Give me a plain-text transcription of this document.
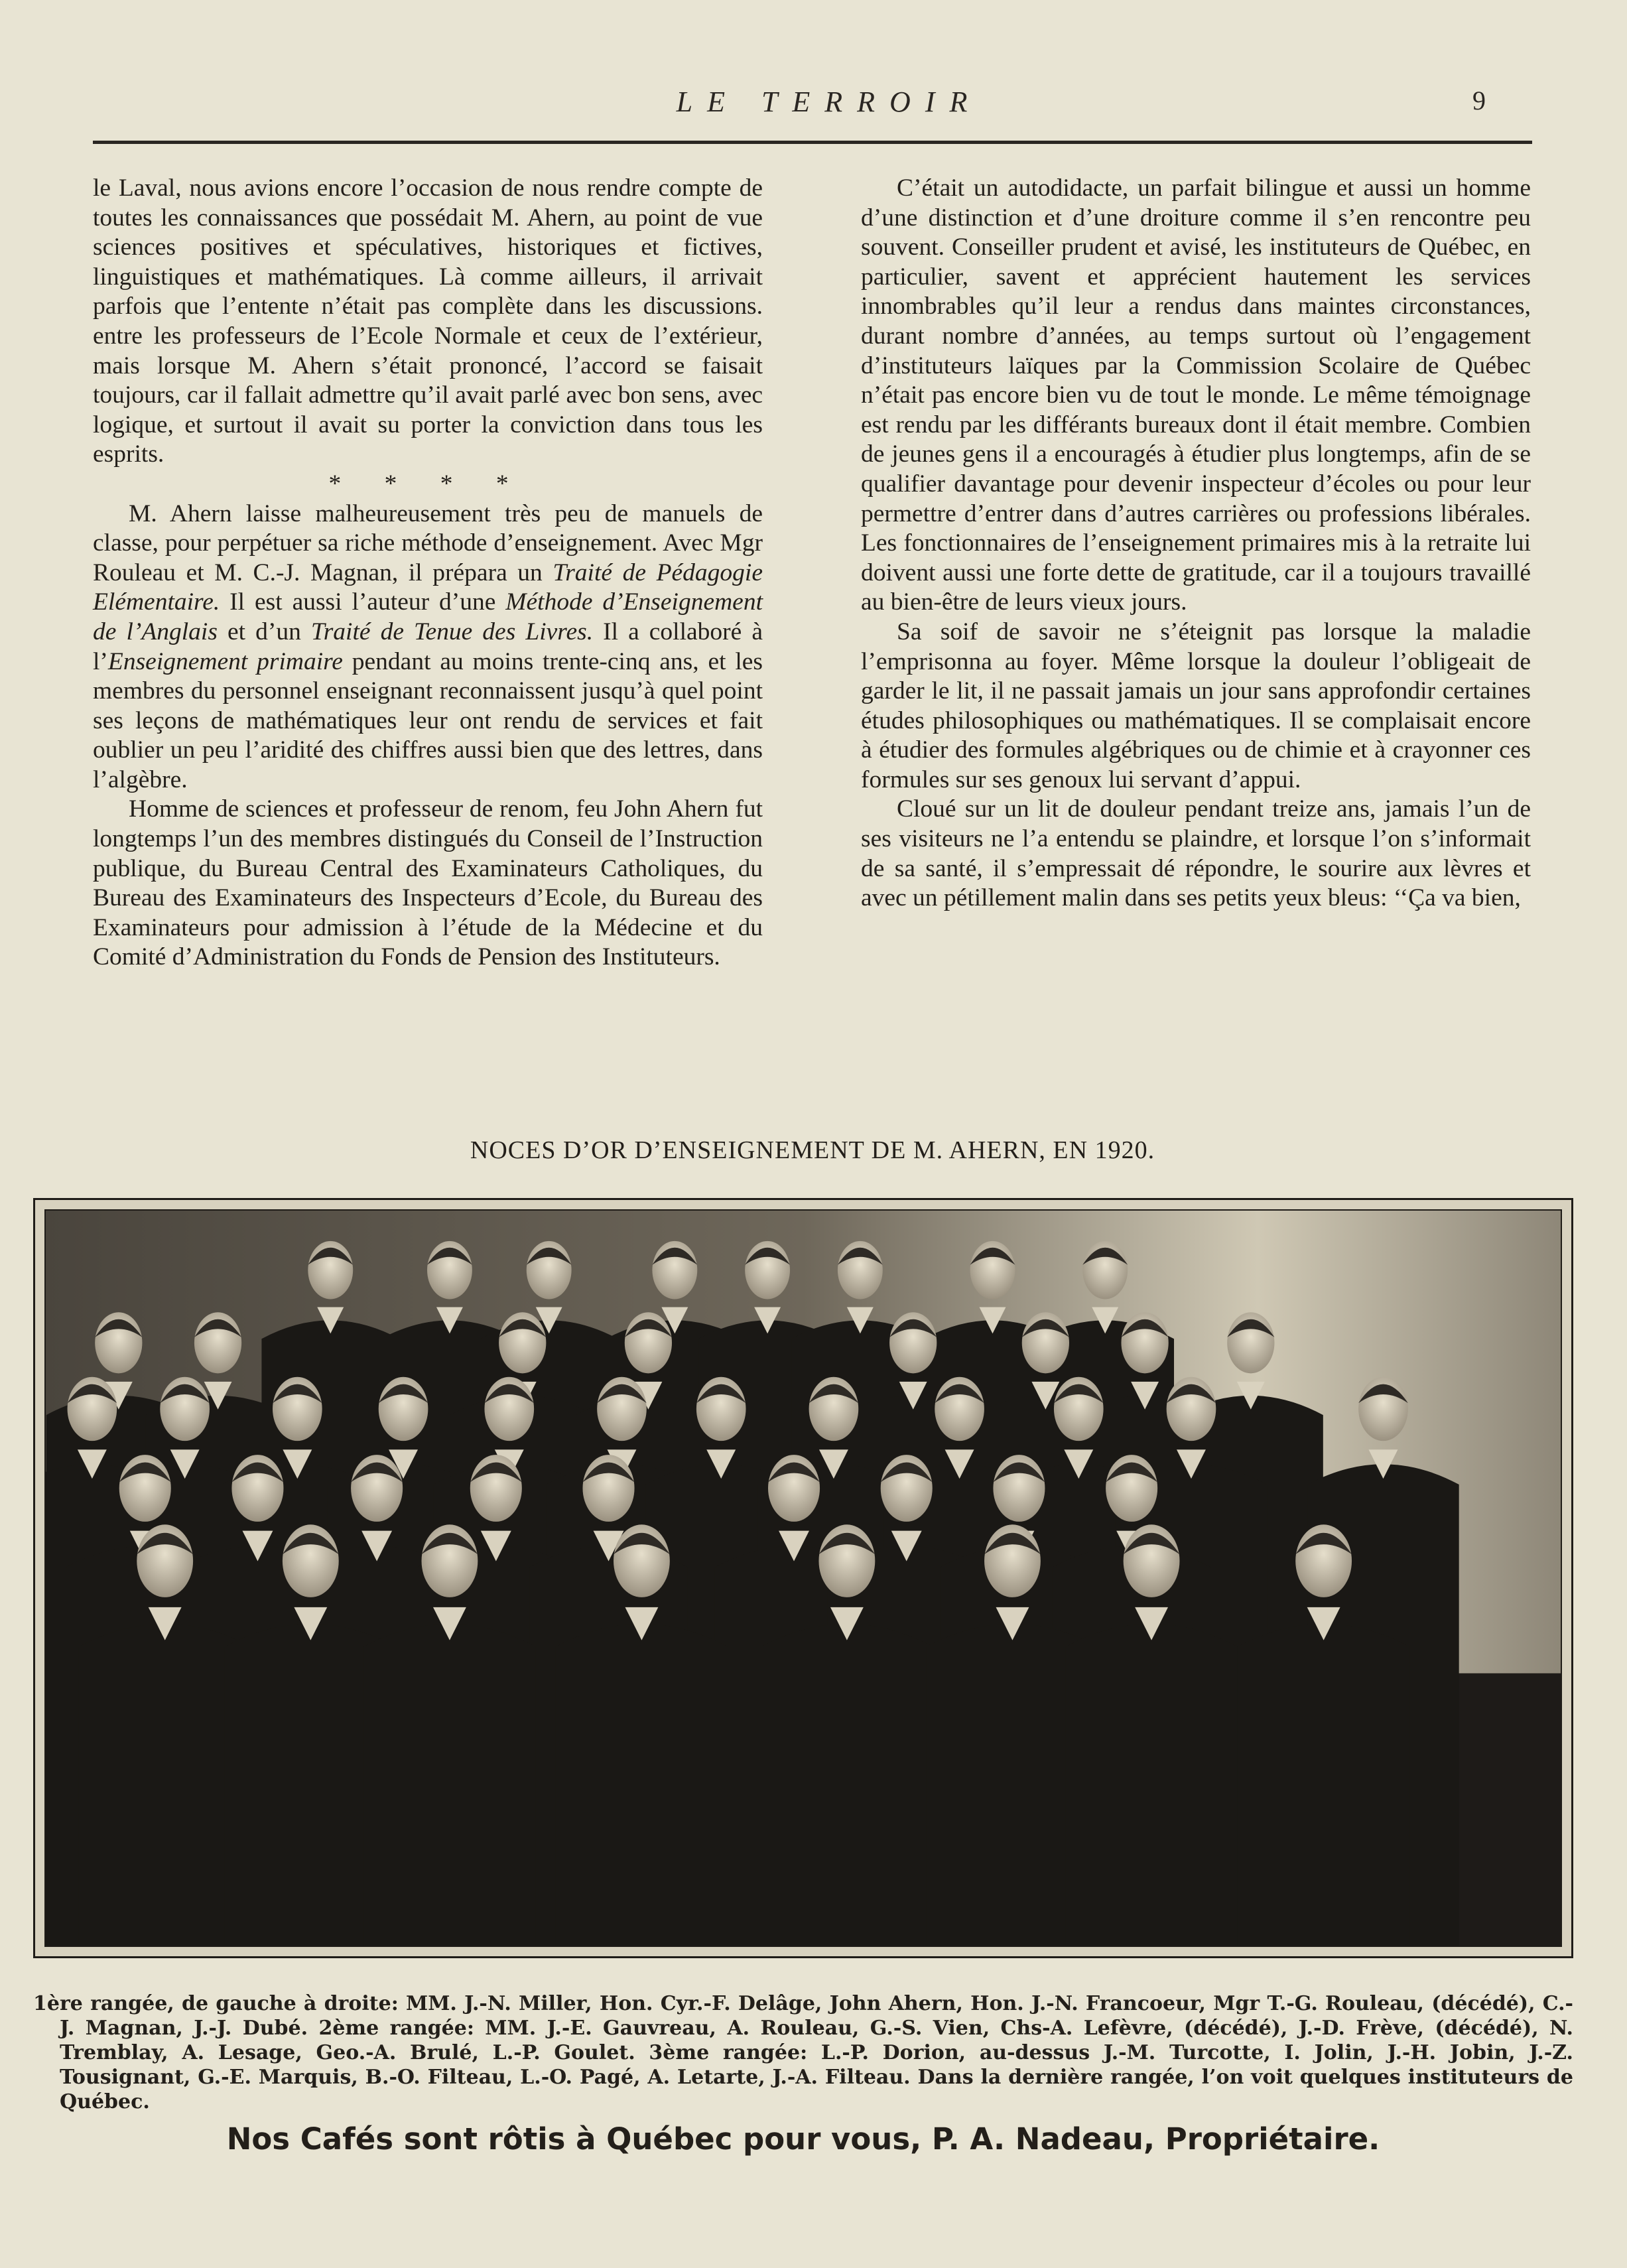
LE TERROIR	9

le Laval, nous avions encore l’occasion de nous rendre compte de toutes les connaissances que possédait M. Ahern, au point de vue sciences positives et spéculatives, historiques et fictives, linguistiques et mathématiques. Là comme ailleurs, il arrivait parfois que l’entente n’était pas complète dans les discussions. entre les professeurs de l’Ecole Normale et ceux de l’extérieur, mais lorsque M. Ahern s’était prononcé, l’accord se faisait toujours, car il fallait admettre qu’il avait parlé avec bon sens, avec logique, et surtout il avait su porter la conviction dans tous les esprits.

* * * *

M. Ahern laisse malheureusement très peu de manuels de classe, pour perpétuer sa riche méthode d’enseignement. Avec Mgr Rouleau et M. C.-J. Magnan, il prépara un Traité de Pédagogie Elémentaire. Il est aussi l’auteur d’une Méthode d’Enseignement de l’Anglais et d’un Traité de Tenue des Livres. Il a collaboré à l’Enseignement primaire pendant au moins trente-cinq ans, et les membres du personnel enseignant reconnaissent jusqu’à quel point ses leçons de mathématiques leur ont rendu de services et fait oublier un peu l’aridité des chiffres aussi bien que des lettres, dans l’algèbre.

Homme de sciences et professeur de renom, feu John Ahern fut longtemps l’un des membres distingués du Conseil de l’Instruction publique, du Bureau Central des Examinateurs Catholiques, du Bureau des Examinateurs des Inspecteurs d’Ecole, du Bureau des Examinateurs pour admission à l’étude de la Médecine et du Comité d’Administration du Fonds de Pension des Instituteurs.

C’était un autodidacte, un parfait bilingue et aussi un homme d’une distinction et d’une droiture comme il s’en rencontre peu souvent. Conseiller prudent et avisé, les instituteurs de Québec, en particulier, savent et apprécient hautement les services innombrables qu’il leur a rendus dans maintes circonstances, durant nombre d’années, au temps surtout où l’engagement d’instituteurs laïques par la Commission Scolaire de Québec n’était pas encore bien vu de tout le monde. Le même témoignage est rendu par les différants bureaux dont il était membre. Combien de jeunes gens il a encouragés à étudier plus longtemps, afin de se qualifier davantage pour devenir inspecteur d’écoles ou pour leur permettre d’entrer dans d’autres carrières ou professions libérales. Les fonctionnaires de l’enseignement primaires mis à la retraite lui doivent aussi une forte dette de gratitude, car il a toujours travaillé au bien-être de leurs vieux jours.

Sa soif de savoir ne s’éteignit pas lorsque la maladie l’emprisonna au foyer. Même lorsque la douleur l’obligeait de garder le lit, il ne passait jamais un jour sans approfondir certaines études philosophiques ou mathématiques. Il se complaisait encore à étudier des formules algébriques ou de chimie et à crayonner ces formules sur ses genoux lui servant d’appui.

Cloué sur un lit de douleur pendant treize ans, jamais l’un de ses visiteurs ne l’a entendu se plaindre, et lorsque l’on s’informait de sa santé, il s’empressait dé répondre, le sourire aux lèvres et avec un pétillement malin dans ses petits yeux bleus: ‘‘Ça va bien,

NOCES D’OR D’ENSEIGNEMENT DE M. AHERN, EN 1920.

1ère rangée, de gauche à droite: MM. J.-N. Miller, Hon. Cyr.-F. Delâge, John Ahern, Hon. J.-N. Francoeur, Mgr T.-G. Rouleau, (décédé), C.-J. Magnan, J.-J. Dubé. 2ème rangée: MM. J.-E. Gauvreau, A. Rouleau, G.-S. Vien, Chs-A. Lefèvre, (décédé), J.-D. Frève, (décédé), N. Tremblay, A. Lesage, Geo.-A. Brulé, L.-P. Goulet. 3ème rangée: L.-P. Dorion, au-dessus J.-M. Turcotte, I. Jolin, J.-H. Jobin, J.-Z. Tousignant, G.-E. Marquis, B.-O. Filteau, L.-O. Pagé, A. Letarte, J.-A. Filteau. Dans la dernière rangée, l’on voit quelques instituteurs de Québec.

Nos Cafés sont rôtis à Québec pour vous, P. A. Nadeau, Propriétaire.
